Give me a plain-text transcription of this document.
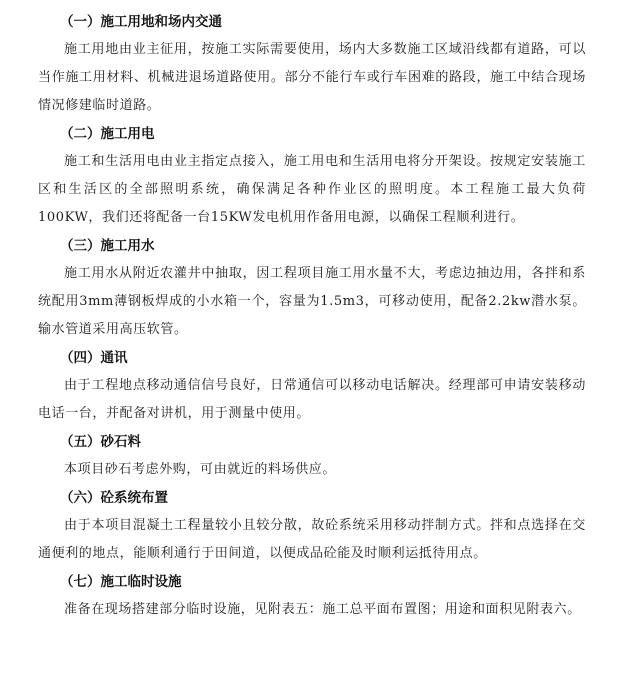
（一）施工用地和场内交通

施工用地由业主征用，按施工实际需要使用，场内大多数施工区域沿线都有道路，可以当作施工用材料、机械进退场道路使用。部分不能行车或行车困难的路段，施工中结合现场情况修建临时道路。

（二）施工用电

施工和生活用电由业主指定点接入，施工用电和生活用电将分开架设。按规定安装施工区和生活区的全部照明系统，确保满足各种作业区的照明度。本工程施工最大负荷100KW，我们还将配备一台15KW发电机用作备用电源，以确保工程顺利进行。

（三）施工用水

施工用水从附近农灌井中抽取，因工程项目施工用水量不大，考虑边抽边用，各拌和系统配用3mm薄钢板焊成的小水箱一个，容量为1.5m3，可移动使用，配备2.2kw潜水泵。输水管道采用高压软管。

（四）通讯

由于工程地点移动通信信号良好，日常通信可以移动电话解决。经理部可申请安装移动电话一台，并配备对讲机，用于测量中使用。

（五）砂石料

本项目砂石考虑外购，可由就近的料场供应。

（六）砼系统布置

由于本项目混凝土工程量较小且较分散，故砼系统采用移动拌制方式。拌和点选择在交通便利的地点，能顺利通行于田间道，以便成品砼能及时顺利运抵待用点。

（七）施工临时设施

准备在现场搭建部分临时设施，见附表五：施工总平面布置图；用途和面积见附表六。
